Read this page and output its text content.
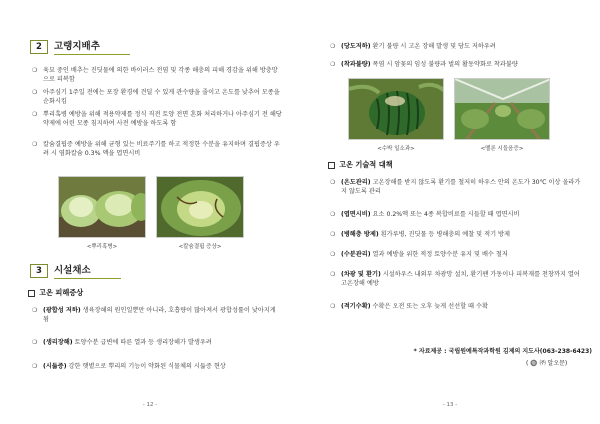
2	고랭지배추
❍ 육묘 중인 배추는 진딧물에 의한 바이러스 전염 및 각종 해충의 피해 경감을 위해 방충망으로 피복함
❍ 아주심기 1주일 전에는 포장 환경에 견딜 수 있게 관수량을 줄이고 온도를 낮추어 모종을 순화시킴
❍ 뿌리혹병 예방을 위해 적용약제를 정식 직전 토양 전면 혼화 처리하거나 아주심기 전 해당약제에 어린 모종 침지하여 사전 예방을 하도록 함
❍ 칼슘결핍증 예방을 위해 균형 있는 비료주기를 하고 적정한 수분을 유지하며 결핍증상 우려 시 염화칼슘 0.3% 액을 엽면시비
<뿌리혹병>	<칼슘결핍 증상>
3	시설채소
고온 피해증상
❍ (광합성 저하) 생육장해의 원인일뿐만 아니라, 호흡량이 많아져서 광합성률이 낮아지게 됨
❍ (생리장해) 토양수분 급변에 따른 열과 등 생리장해가 발생우려
❍ (시듦증) 강한 햇볕으로 뿌리의 기능이 약화된 식물체의 시듦증 현상
- 12 -
❍ (당도저하) 환기 불량 시 고온 장해 발생 및 당도 저하우려
❍ (착과불량) 폭염 시 암꽃의 임성 불량과 벌의 활동약화로 착과불량
<수박 일소과>	<멜론 시들음증>
고온 기술적 대책
❍ (온도관리) 고온장해를 받지 않도록 환기를 철저히 하우스 안의 온도가 30℃ 이상 올라가지 않도록 관리
❍ (엽면시비) 요소 0.2%액 또는 4종 복합비료를 시들할 때 엽면시비
❍ (병해충 방제) 흰가루병, 진딧물 등 병해충의 예찰 및 적기 방제
❍ (수분관리) 열과 예방을 위한 적정 토양수분 유지 및 배수 철저
❍ (차광 및 환기) 시설하우스 내외부 차광망 설치, 환기팬 가동이나 피복재를 천창까지 열어 고온장해 예방
❍ (적기수확) 수확은 오전 또는 오후 늦게 선선할 때 수확
* 자료제공 : 국립원예특작과학원 김제의 지도사(063-238-6423)
( 🔘 ㈜ 알오문)
- 13 -
